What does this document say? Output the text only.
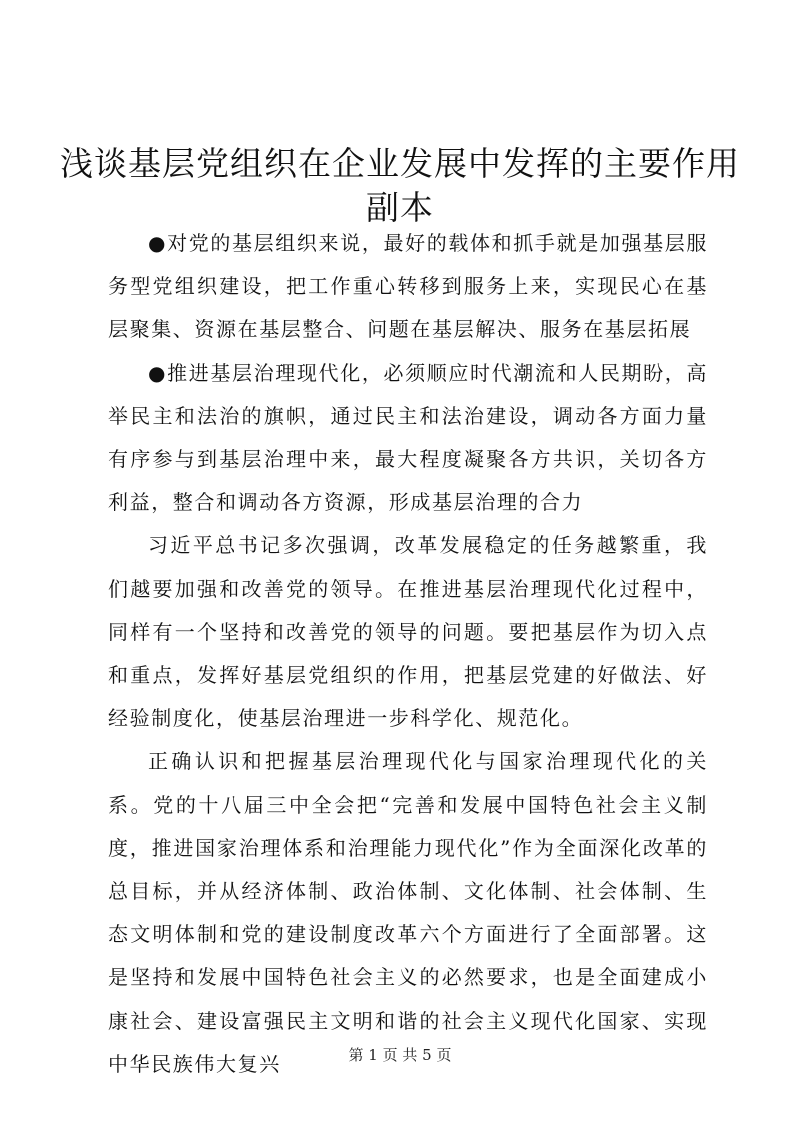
浅谈基层党组织在企业发展中发挥的主要作用
副本

●对党的基层组织来说，最好的载体和抓手就是加强基层服务型党组织建设，把工作重心转移到服务上来，实现民心在基层聚集、资源在基层整合、问题在基层解决、服务在基层拓展

●推进基层治理现代化，必须顺应时代潮流和人民期盼，高举民主和法治的旗帜，通过民主和法治建设，调动各方面力量有序参与到基层治理中来，最大程度凝聚各方共识，关切各方利益，整合和调动各方资源，形成基层治理的合力

习近平总书记多次强调，改革发展稳定的任务越繁重，我们越要加强和改善党的领导。在推进基层治理现代化过程中，同样有一个坚持和改善党的领导的问题。要把基层作为切入点和重点，发挥好基层党组织的作用，把基层党建的好做法、好经验制度化，使基层治理进一步科学化、规范化。

正确认识和把握基层治理现代化与国家治理现代化的关系。党的十八届三中全会把“完善和发展中国特色社会主义制度，推进国家治理体系和治理能力现代化”作为全面深化改革的总目标，并从经济体制、政治体制、文化体制、社会体制、生态文明体制和党的建设制度改革六个方面进行了全面部署。这是坚持和发展中国特色社会主义的必然要求，也是全面建成小康社会、建设富强民主文明和谐的社会主义现代化国家、实现中华民族伟大复兴	第 1 页 共 5 页
